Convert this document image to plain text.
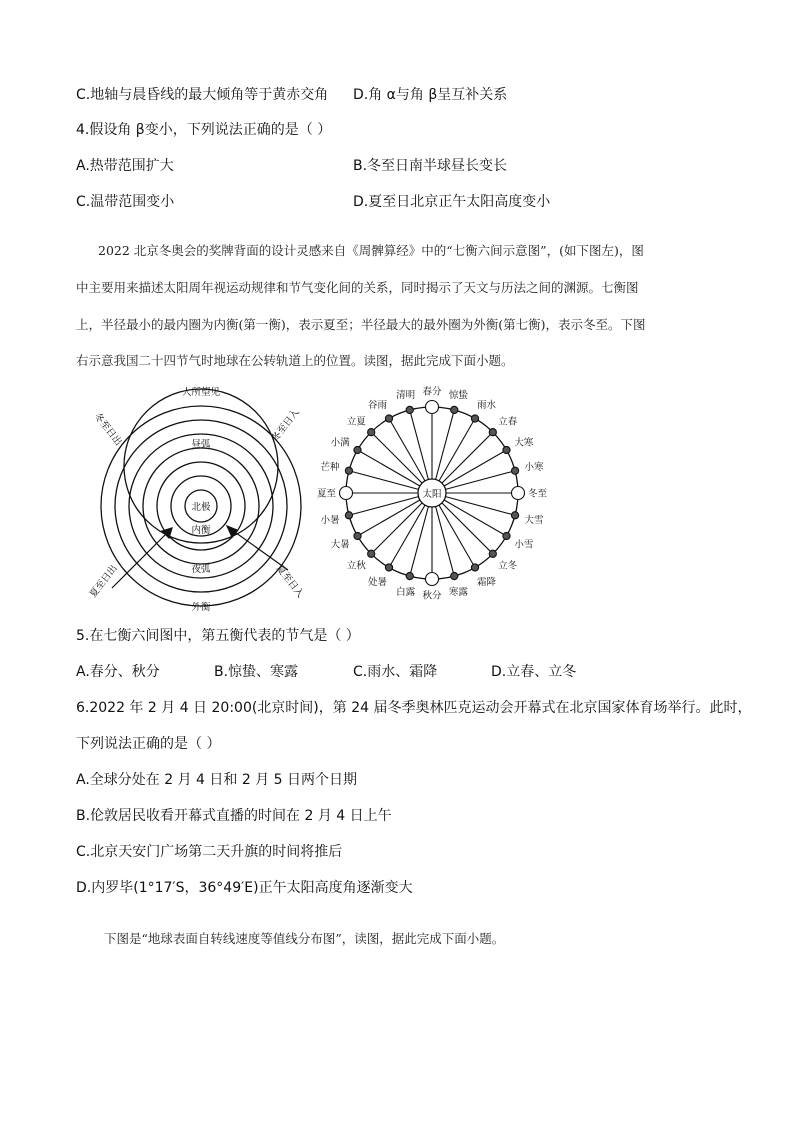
C.地轴与晨昏线的最大倾角等于黄赤交角 D.角 α与角 β呈互补关系
4.假设角 β变小，下列说法正确的是（ ）
A.热带范围扩大	B.冬至日南半球昼长变长
C.温带范围变小	D.夏至日北京正午太阳高度变小
2022 北京冬奥会的奖牌背面的设计灵感来自《周髀算经》中的“七衡六间示意图”，(如下图左)，图
中主要用来描述太阳周年视运动规律和节气变化间的关系，同时揭示了天文与历法之间的渊源。七衡图
上，半径最小的最内圈为内衡(第一衡)，表示夏至；半径最大的最外圈为外衡(第七衡)，表示冬至。下图
右示意我国二十四节气时地球在公转轨道上的位置。读图，据此完成下面小题。
人所望见
昼弧
北极
内衡
夜弧
外衡
冬至日出	冬至日入
夏至日出	夏至日入
太阳
春分 惊蛰
雨水
立春
大寒
小寒
冬至
大雪
小雪
立冬
霜降
寒露
秋分
白露
处暑
立秋
大暑
小暑
夏至
芒种
小满
立夏
谷雨
清明
5.在七衡六间图中，第五衡代表的节气是（ ）
A.春分、秋分	B.惊蛰、寒露	C.雨水、霜降	D.立春、立冬
6.2022 年 2 月 4 日 20:00(北京时间)，第 24 届冬季奥林匹克运动会开幕式在北京国家体育场举行。此时，
下列说法正确的是（ ）
A.全球分处在 2 月 4 日和 2 月 5 日两个日期
B.伦敦居民收看开幕式直播的时间在 2 月 4 日上午
C.北京天安门广场第二天升旗的时间将推后
D.内罗毕(1°17′S，36°49′E)正午太阳高度角逐渐变大
下图是“地球表面自转线速度等值线分布图”，读图，据此完成下面小题。
